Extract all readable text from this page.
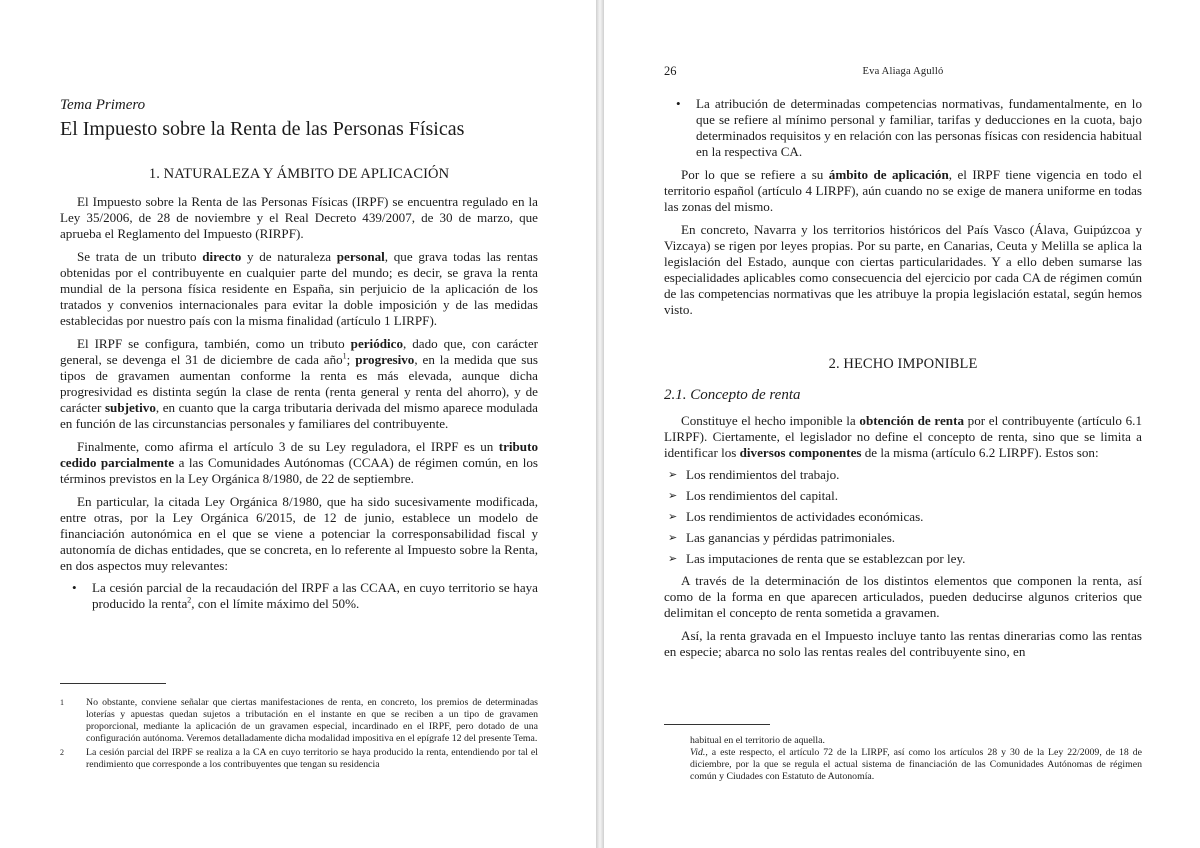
Tema Primero

El Impuesto sobre la Renta de las Personas Físicas
1. NATURALEZA Y ÁMBITO DE APLICACIÓN

El Impuesto sobre la Renta de las Personas Físicas (IRPF) se encuentra regulado en la Ley 35/2006, de 28 de noviembre y el Real Decreto 439/2007, de 30 de marzo, que aprueba el Reglamento del Impuesto (RIRPF).

Se trata de un tributo directo y de naturaleza personal, que grava todas las rentas obtenidas por el contribuyente en cualquier parte del mundo; es decir, se grava la renta mundial de la persona física residente en España, sin perjuicio de la aplicación de los tratados y convenios internacionales para evitar la doble imposición y de las medidas establecidas por nuestro país con la misma finalidad (artículo 1 LIRPF).

El IRPF se configura, también, como un tributo periódico, dado que, con carácter general, se devenga el 31 de diciembre de cada año$^1$; progresivo, en la medida que sus tipos de gravamen aumentan conforme la renta es más elevada, aunque dicha progresividad es distinta según la clase de renta (renta general y renta del ahorro), y de carácter subjetivo, en cuanto que la carga tributaria derivada del mismo aparece modulada en función de las circunstancias personales y familiares del contribuyente.

Finalmente, como afirma el artículo 3 de su Ley reguladora, el IRPF es un tributo cedido parcialmente a las Comunidades Autónomas (CCAA) de régimen común, en los términos previstos en la Ley Orgánica 8/1980, de 22 de septiembre.

En particular, la citada Ley Orgánica 8/1980, que ha sido sucesivamente modificada, entre otras, por la Ley Orgánica 6/2015, de 12 de junio, establece un modelo de financiación autonómica en el que se viene a potenciar la corresponsabilidad fiscal y autonomía de dichas entidades, que se concreta, en lo referente al Impuesto sobre la Renta, en dos aspectos muy relevantes:

• La cesión parcial de la recaudación del IRPF a las CCAA, en cuyo territorio se haya producido la renta$^2$, con el límite máximo del 50%.
1 No obstante, conviene señalar que ciertas manifestaciones de renta, en concreto, los premios de determinadas loterías y apuestas quedan sujetos a tributación en el instante en que se reciben a un tipo de gravamen proporcional, mediante la aplicación de un gravamen especial, incardinado en el IRPF, pero dotado de una configuración autónoma. Veremos detalladamente dicha modalidad impositiva en el epígrafe 12 del presente Tema.
2 La cesión parcial del IRPF se realiza a la CA en cuyo territorio se haya producido la renta, entendiendo por tal el rendimiento que corresponde a los contribuyentes que tengan su residencia
26	Eva Aliaga Agulló
• La atribución de determinadas competencias normativas, fundamentalmente, en lo que se refiere al mínimo personal y familiar, tarifas y deducciones en la cuota, bajo determinados requisitos y en relación con las personas físicas con residencia habitual en la respectiva CA.

Por lo que se refiere a su ámbito de aplicación, el IRPF tiene vigencia en todo el territorio español (artículo 4 LIRPF), aún cuando no se exige de manera uniforme en todas las zonas del mismo.

En concreto, Navarra y los territorios históricos del País Vasco (Álava, Guipúzcoa y Vizcaya) se rigen por leyes propias. Por su parte, en Canarias, Ceuta y Melilla se aplica la legislación del Estado, aunque con ciertas particularidades. Y a ello deben sumarse las especialidades aplicables como consecuencia del ejercicio por cada CA de régimen común de las competencias normativas que les atribuye la propia legislación estatal, según hemos visto.

2. HECHO IMPONIBLE

2.1. Concepto de renta

Constituye el hecho imponible la obtención de renta por el contribuyente (artículo 6.1 LIRPF). Ciertamente, el legislador no define el concepto de renta, sino que se limita a identificar los diversos componentes de la misma (artículo 6.2 LIRPF). Estos son:

➢ Los rendimientos del trabajo.
➢ Los rendimientos del capital.
➢ Los rendimientos de actividades económicas.
➢ Las ganancias y pérdidas patrimoniales.
➢ Las imputaciones de renta que se establezcan por ley.

A través de la determinación de los distintos elementos que componen la renta, así como de la forma en que aparecen articulados, pueden deducirse algunos criterios que delimitan el concepto de renta sometida a gravamen.

Así, la renta gravada en el Impuesto incluye tanto las rentas dinerarias como las rentas en especie; abarca no solo las rentas reales del contribuyente sino, en

habitual en el territorio de aquella.
Vid., a este respecto, el artículo 72 de la LIRPF, así como los artículos 28 y 30 de la Ley 22/2009, de 18 de diciembre, por la que se regula el actual sistema de financiación de las Comunidades Autónomas de régimen común y Ciudades con Estatuto de Autonomía.
